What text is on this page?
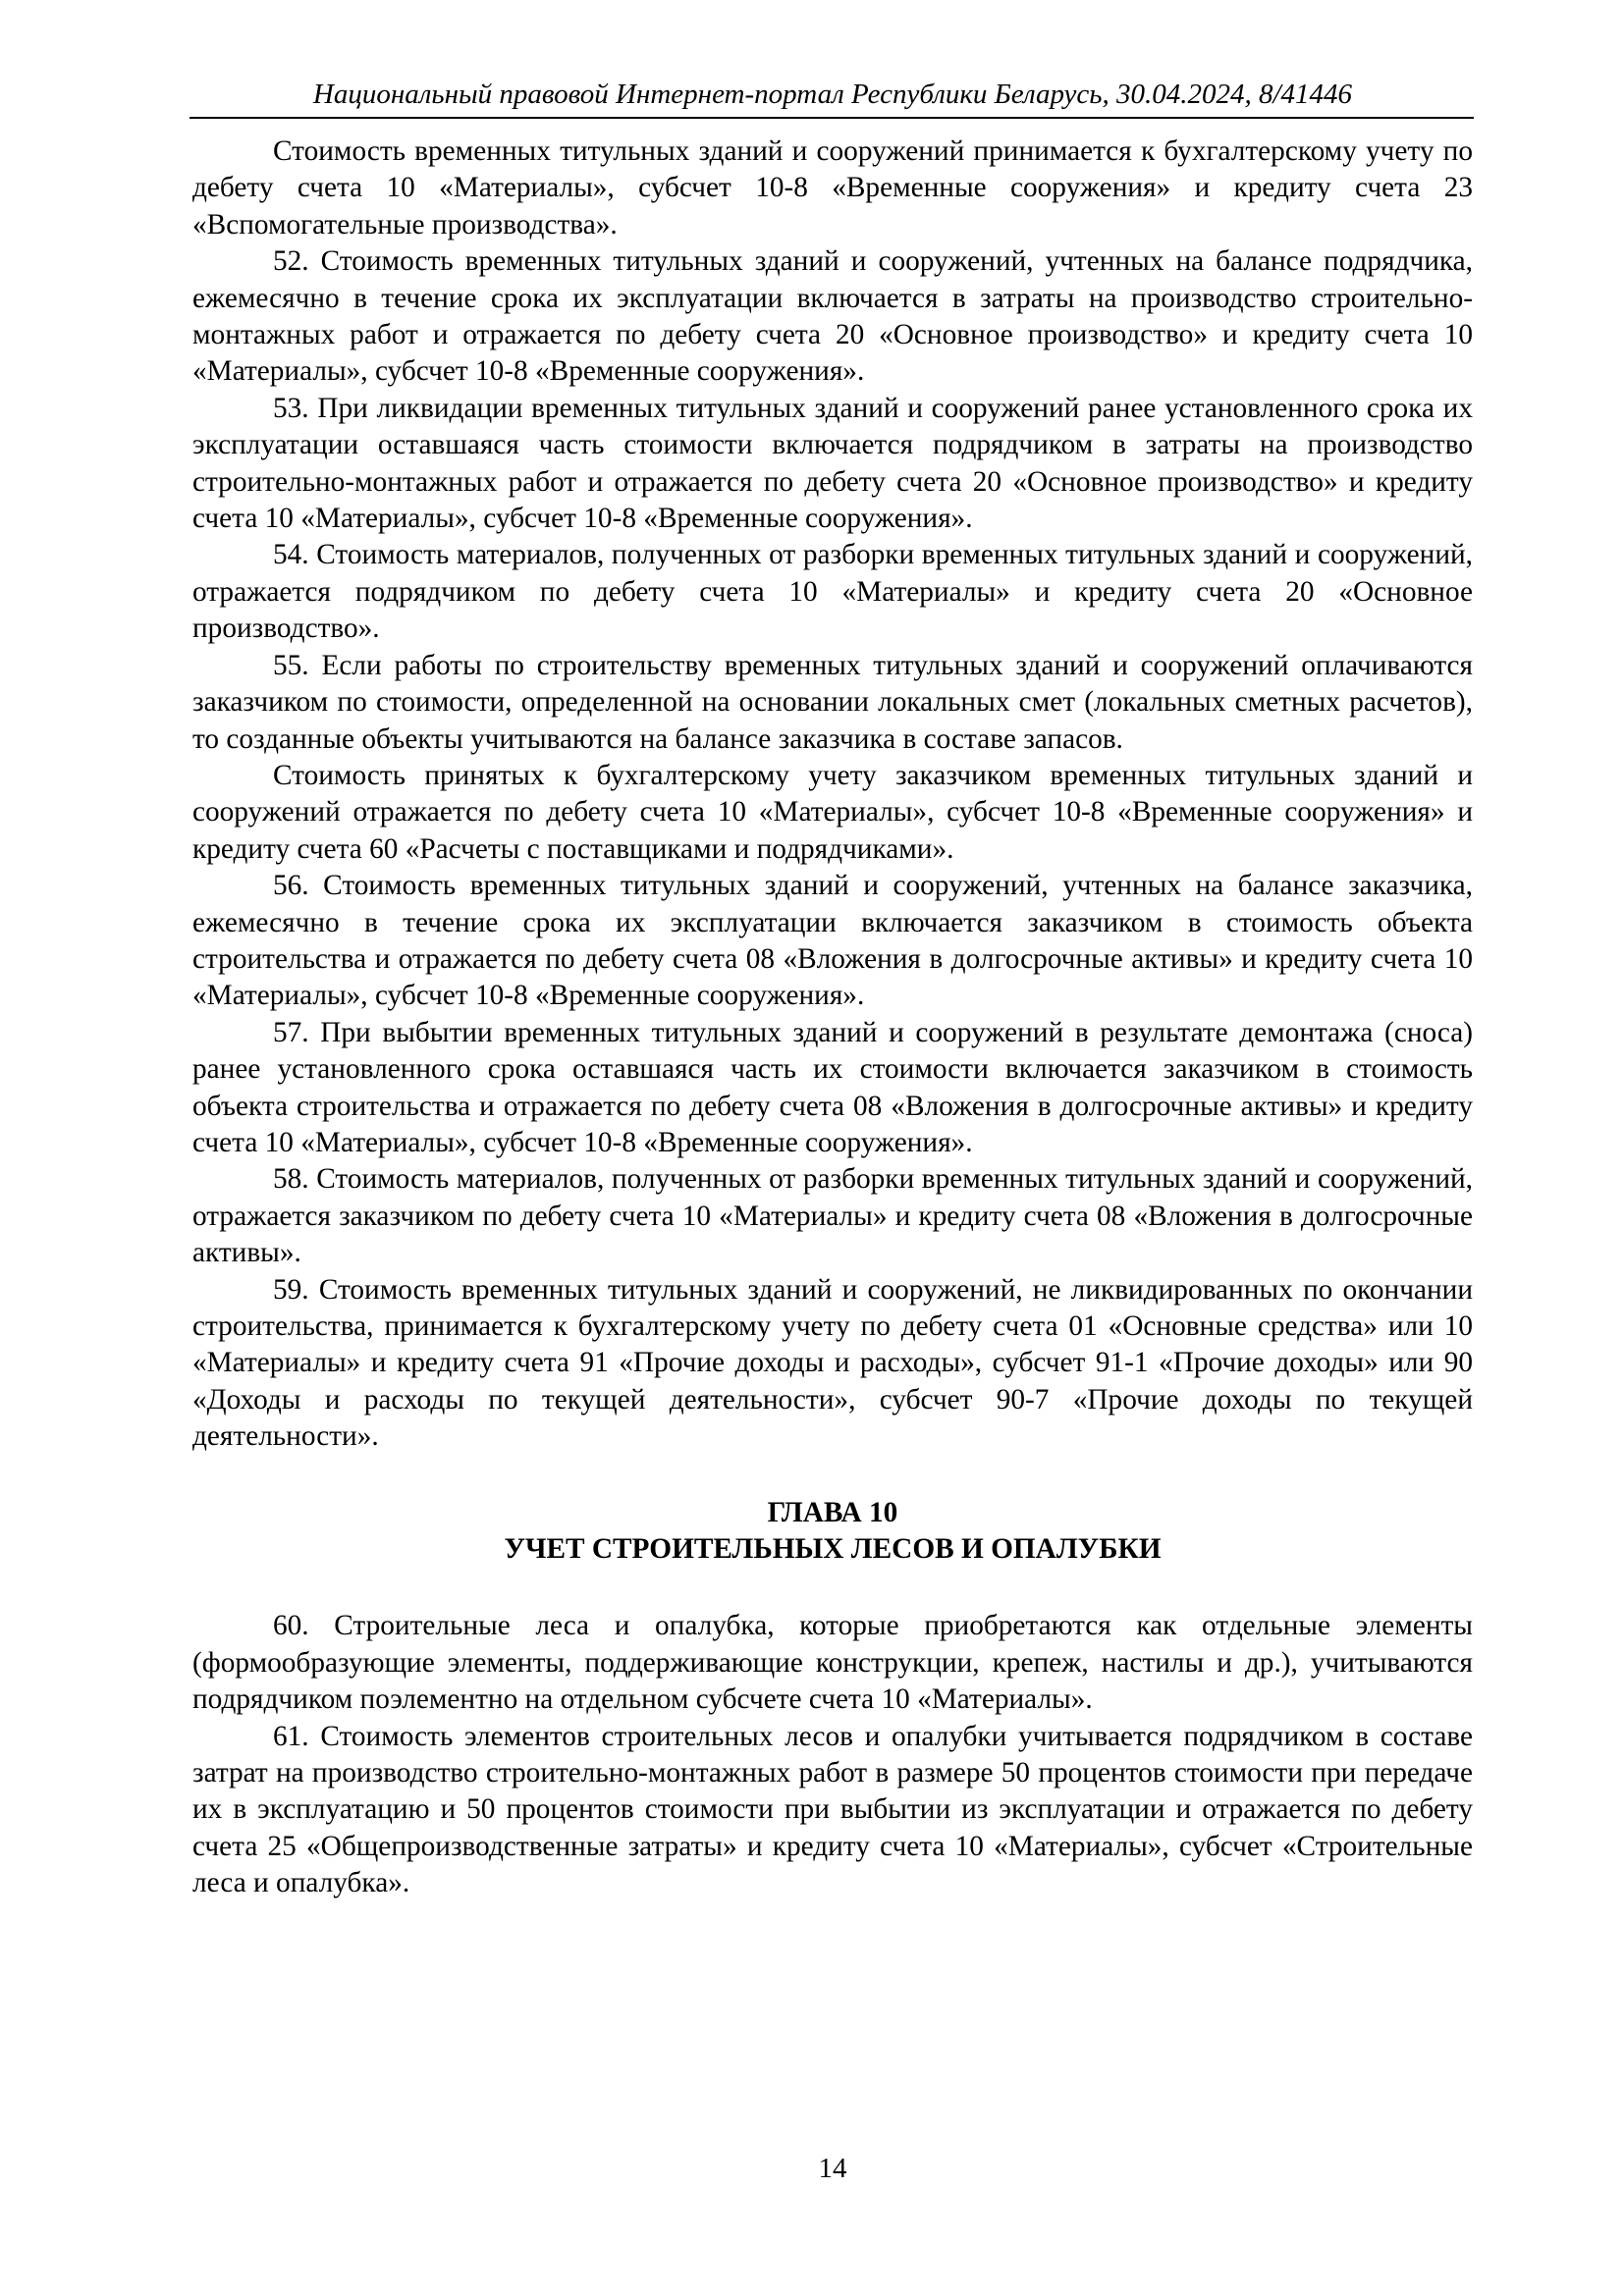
Национальный правовой Интернет-портал Республики Беларусь, 30.04.2024, 8/41446

Стоимость временных титульных зданий и сооружений принимается к бухгалтерскому учету по дебету счета 10 «Материалы», субсчет 10-8 «Временные сооружения» и кредиту счета 23 «Вспомогательные производства».

52. Стоимость временных титульных зданий и сооружений, учтенных на балансе подрядчика, ежемесячно в течение срока их эксплуатации включается в затраты на производство строительно-монтажных работ и отражается по дебету счета 20 «Основное производство» и кредиту счета 10 «Материалы», субсчет 10-8 «Временные сооружения».

53. При ликвидации временных титульных зданий и сооружений ранее установленного срока их эксплуатации оставшаяся часть стоимости включается подрядчиком в затраты на производство строительно-монтажных работ и отражается по дебету счета 20 «Основное производство» и кредиту счета 10 «Материалы», субсчет 10-8 «Временные сооружения».

54. Стоимость материалов, полученных от разборки временных титульных зданий и сооружений, отражается подрядчиком по дебету счета 10 «Материалы» и кредиту счета 20 «Основное производство».

55. Если работы по строительству временных титульных зданий и сооружений оплачиваются заказчиком по стоимости, определенной на основании локальных смет (локальных сметных расчетов), то созданные объекты учитываются на балансе заказчика в составе запасов.

Стоимость принятых к бухгалтерскому учету заказчиком временных титульных зданий и сооружений отражается по дебету счета 10 «Материалы», субсчет 10-8 «Временные сооружения» и кредиту счета 60 «Расчеты с поставщиками и подрядчиками».

56. Стоимость временных титульных зданий и сооружений, учтенных на балансе заказчика, ежемесячно в течение срока их эксплуатации включается заказчиком в стоимость объекта строительства и отражается по дебету счета 08 «Вложения в долгосрочные активы» и кредиту счета 10 «Материалы», субсчет 10-8 «Временные сооружения».

57. При выбытии временных титульных зданий и сооружений в результате демонтажа (сноса) ранее установленного срока оставшаяся часть их стоимости включается заказчиком в стоимость объекта строительства и отражается по дебету счета 08 «Вложения в долгосрочные активы» и кредиту счета 10 «Материалы», субсчет 10-8 «Временные сооружения».

58. Стоимость материалов, полученных от разборки временных титульных зданий и сооружений, отражается заказчиком по дебету счета 10 «Материалы» и кредиту счета 08 «Вложения в долгосрочные активы».

59. Стоимость временных титульных зданий и сооружений, не ликвидированных по окончании строительства, принимается к бухгалтерскому учету по дебету счета 01 «Основные средства» или 10 «Материалы» и кредиту счета 91 «Прочие доходы и расходы», субсчет 91-1 «Прочие доходы» или 90 «Доходы и расходы по текущей деятельности», субсчет 90-7 «Прочие доходы по текущей деятельности».

ГЛАВА 10
УЧЕТ СТРОИТЕЛЬНЫХ ЛЕСОВ И ОПАЛУБКИ

60. Строительные леса и опалубка, которые приобретаются как отдельные элементы (формообразующие элементы, поддерживающие конструкции, крепеж, настилы и др.), учитываются подрядчиком поэлементно на отдельном субсчете счета 10 «Материалы».

61. Стоимость элементов строительных лесов и опалубки учитывается подрядчиком в составе затрат на производство строительно-монтажных работ в размере 50 процентов стоимости при передаче их в эксплуатацию и 50 процентов стоимости при выбытии из эксплуатации и отражается по дебету счета 25 «Общепроизводственные затраты» и кредиту счета 10 «Материалы», субсчет «Строительные леса и опалубка».

14
